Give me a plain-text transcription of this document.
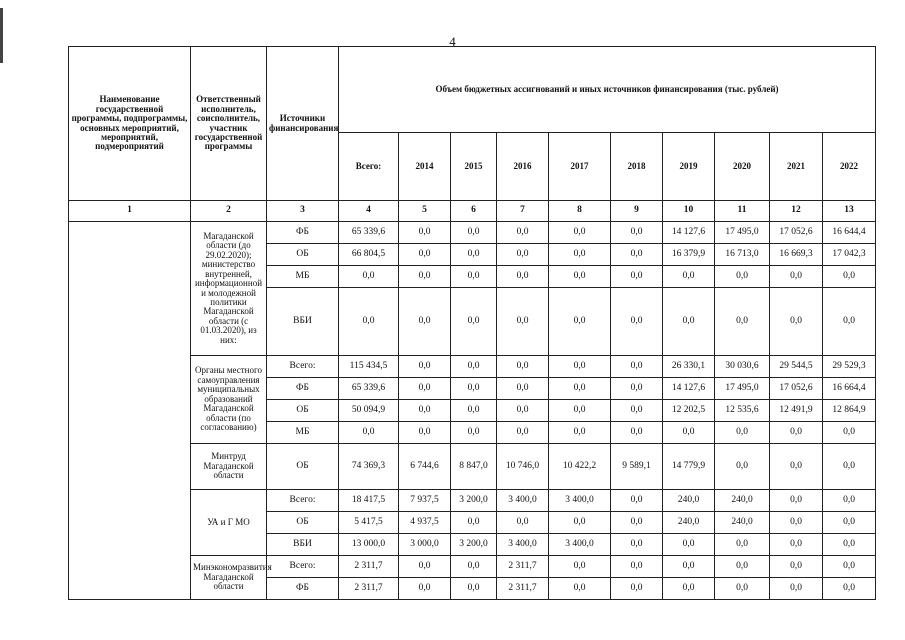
4
Наименование государственной программы, подпрограммы, основных мероприятий, мероприятий, подмероприятий	Ответственный исполнитель, соисполнитель, участник государственной программы	Источники финансирования	Объем бюджетных ассигнований и иных источников финансирования (тыс. рублей)									
			Всего:	2014	2015	2016	2017	2018	2019	2020	2021	2022
1	2	3	4	5	6	7	8	9	10	11	12	13
	Магаданской области (до 29.02.2020); министерство внутренней, информационной и молодежной политики Магаданской области (с 01.03.2020), из них:	ФБ	65 339,6	0,0	0,0	0,0	0,0	0,0	14 127,6	17 495,0	17 052,6	16 644,4
		ОБ	66 804,5	0,0	0,0	0,0	0,0	0,0	16 379,9	16 713,0	16 669,3	17 042,3
		МБ	0,0	0,0	0,0	0,0	0,0	0,0	0,0	0,0	0,0	0,0
		ВБИ	0,0	0,0	0,0	0,0	0,0	0,0	0,0	0,0	0,0	0,0
	Органы местного самоуправления муниципальных образований Магаданской области (по согласованию)	Всего:	115 434,5	0,0	0,0	0,0	0,0	0,0	26 330,1	30 030,6	29 544,5	29 529,3
		ФБ	65 339,6	0,0	0,0	0,0	0,0	0,0	14 127,6	17 495,0	17 052,6	16 664,4
		ОБ	50 094,9	0,0	0,0	0,0	0,0	0,0	12 202,5	12 535,6	12 491,9	12 864,9
		МБ	0,0	0,0	0,0	0,0	0,0	0,0	0,0	0,0	0,0	0,0
	Минтруд Магаданской области	ОБ	74 369,3	6 744,6	8 847,0	10 746,0	10 422,2	9 589,1	14 779,9	0,0	0,0	0,0
	УА и Г МО	Всего:	18 417,5	7 937,5	3 200,0	3 400,0	3 400,0	0,0	240,0	240,0	0,0	0,0
		ОБ	5 417,5	4 937,5	0,0	0,0	0,0	0,0	240,0	240,0	0,0	0,0
		ВБИ	13 000,0	3 000,0	3 200,0	3 400,0	3 400,0	0,0	0,0	0,0	0,0	0,0
	Минэкономразвития Магаданской области	Всего:	2 311,7	0,0	0,0	2 311,7	0,0	0,0	0,0	0,0	0,0	0,0
		ФБ	2 311,7	0,0	0,0	2 311,7	0,0	0,0	0,0	0,0	0,0	0,0
